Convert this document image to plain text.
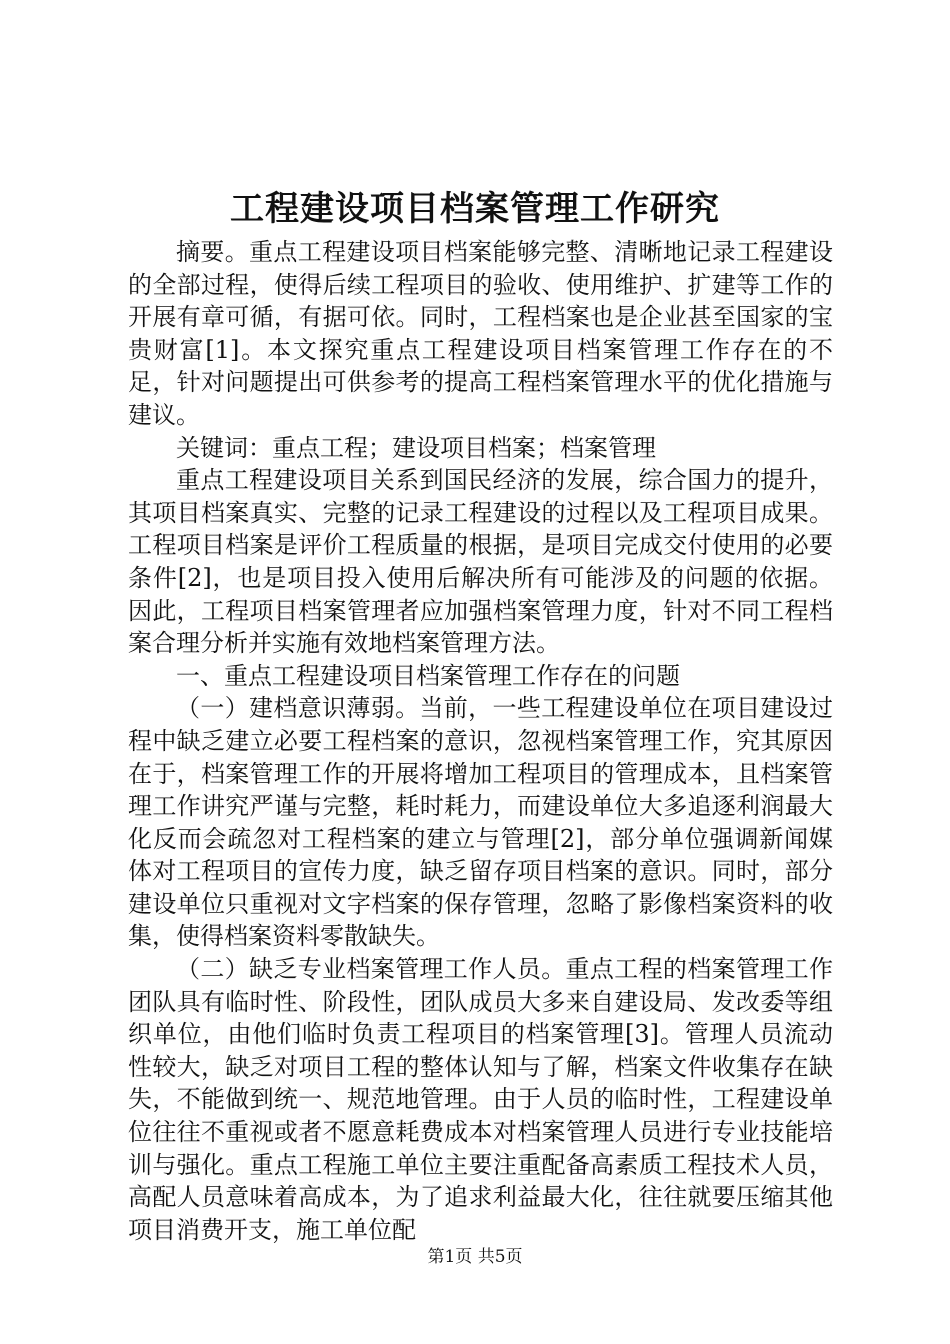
工程建设项目档案管理工作研究

摘要。重点工程建设项目档案能够完整、清晰地记录工程建设的全部过程，使得后续工程项目的验收、使用维护、扩建等工作的开展有章可循，有据可依。同时，工程档案也是企业甚至国家的宝贵财富[1]。本文探究重点工程建设项目档案管理工作存在的不足，针对问题提出可供参考的提高工程档案管理水平的优化措施与建议。

关键词：重点工程；建设项目档案；档案管理

重点工程建设项目关系到国民经济的发展，综合国力的提升，其项目档案真实、完整的记录工程建设的过程以及工程项目成果。工程项目档案是评价工程质量的根据，是项目完成交付使用的必要条件[2]，也是项目投入使用后解决所有可能涉及的问题的依据。因此，工程项目档案管理者应加强档案管理力度，针对不同工程档案合理分析并实施有效地档案管理方法。

一、重点工程建设项目档案管理工作存在的问题

（一）建档意识薄弱。当前，一些工程建设单位在项目建设过程中缺乏建立必要工程档案的意识，忽视档案管理工作，究其原因在于，档案管理工作的开展将增加工程项目的管理成本，且档案管理工作讲究严谨与完整，耗时耗力，而建设单位大多追逐利润最大化反而会疏忽对工程档案的建立与管理[2]，部分单位强调新闻媒体对工程项目的宣传力度，缺乏留存项目档案的意识。同时，部分建设单位只重视对文字档案的保存管理，忽略了影像档案资料的收集，使得档案资料零散缺失。

（二）缺乏专业档案管理工作人员。重点工程的档案管理工作团队具有临时性、阶段性，团队成员大多来自建设局、发改委等组织单位，由他们临时负责工程项目的档案管理[3]。管理人员流动性较大，缺乏对项目工程的整体认知与了解，档案文件收集存在缺失，不能做到统一、规范地管理。由于人员的临时性，工程建设单位往往不重视或者不愿意耗费成本对档案管理人员进行专业技能培训与强化。重点工程施工单位主要注重配备高素质工程技术人员，高配人员意味着高成本，为了追求利益最大化，往往就要压缩其他项目消费开支，施工单位配

第1页 共5页
